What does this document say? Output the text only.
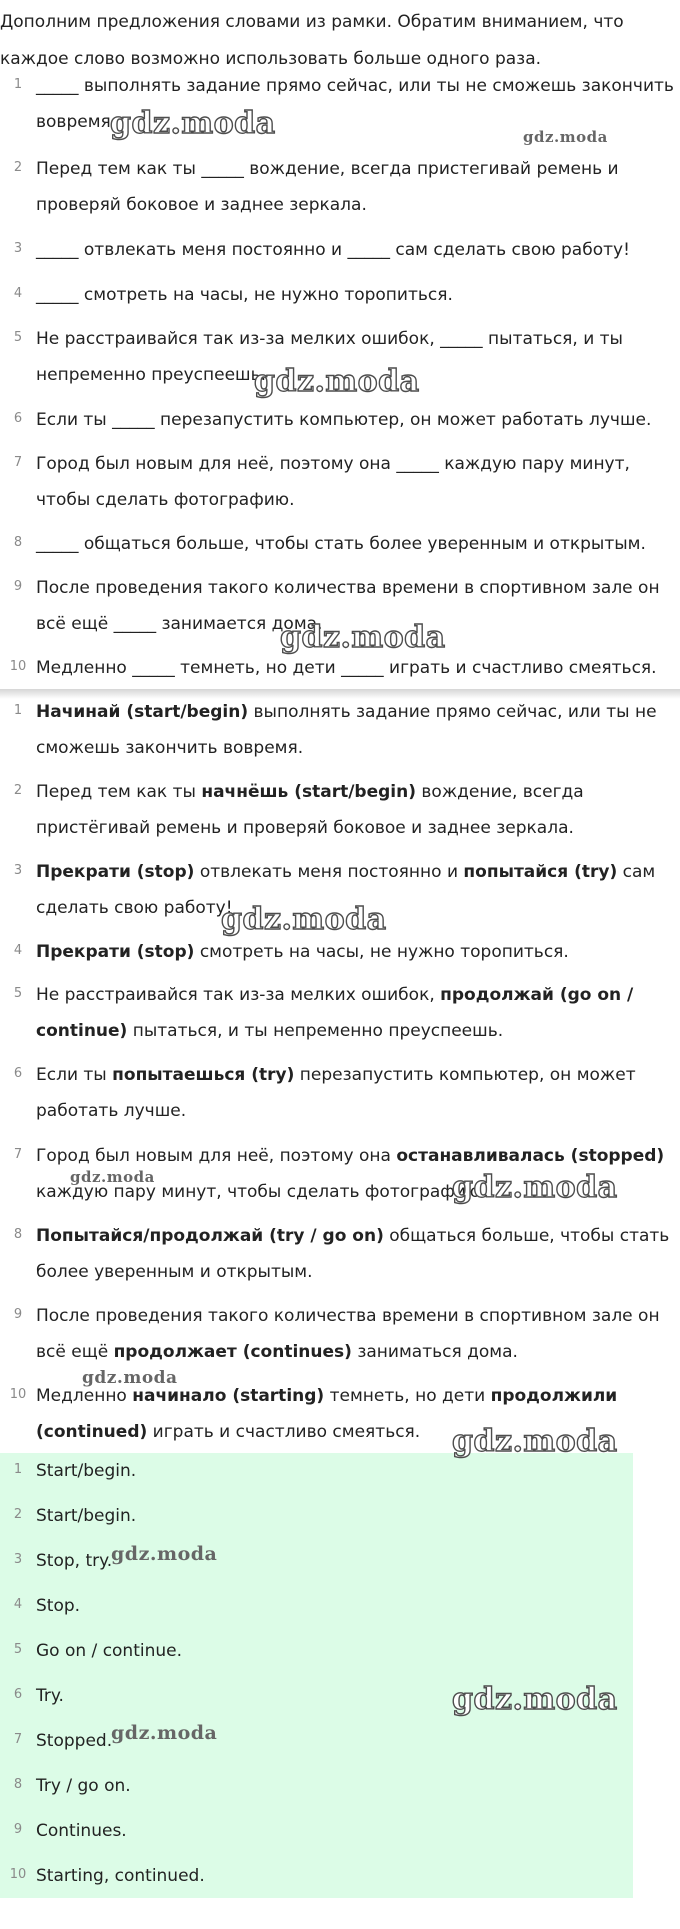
Дополним предложения словами из рамки. Обратим вниманием, что каждое слово возможно использовать больше одного раза.

1 _____ выполнять задание прямо сейчас, или ты не сможешь закончить вовремя.
2 Перед тем как ты _____ вождение, всегда пристегивай ремень и проверяй боковое и заднее зеркала.
3 _____ отвлекать меня постоянно и _____ сам сделать свою работу!
4 _____ смотреть на часы, не нужно торопиться.
5 Не расстраивайся так из-за мелких ошибок, _____ пытаться, и ты непременно преуспеешь.
6 Если ты _____ перезапустить компьютер, он может работать лучше.
7 Город был новым для неё, поэтому она _____ каждую пару минут, чтобы сделать фотографию.
8 _____ общаться больше, чтобы стать более уверенным и открытым.
9 После проведения такого количества времени в спортивном зале он всё ещё _____ занимается дома.
10 Медленно _____ темнеть, но дети _____ играть и счастливо смеяться.
1 Начинай (start/begin) выполнять задание прямо сейчас, или ты не сможешь закончить вовремя.
2 Перед тем как ты начнёшь (start/begin) вождение, всегда пристёгивай ремень и проверяй боковое и заднее зеркала.
3 Прекрати (stop) отвлекать меня постоянно и попытайся (try) сам сделать свою работу!
4 Прекрати (stop) смотреть на часы, не нужно торопиться.
5 Не расстраивайся так из-за мелких ошибок, продолжай (go on / continue) пытаться, и ты непременно преуспеешь.
6 Если ты попытаешься (try) перезапустить компьютер, он может работать лучше.
7 Город был новым для неё, поэтому она останавливалась (stopped) каждую пару минут, чтобы сделать фотографию.
8 Попытайся/продолжай (try / go on) общаться больше, чтобы стать более уверенным и открытым.
9 После проведения такого количества времени в спортивном зале он всё ещё продолжает (continues) заниматься дома.
10 Медленно начинало (starting) темнеть, но дети продолжили (continued) играть и счастливо смеяться.
1 Start/begin.
2 Start/begin.
3 Stop, try.
4 Stop.
5 Go on / continue.
6 Try.
7 Stopped.
8 Try / go on.
9 Continues.
10 Starting, continued.
gdz.moda	gdz.moda
gdz.moda
gdz.moda
gdz.moda
gdz.moda	gdz.moda
gdz.moda
gdz.moda
gdz.moda
gdz.moda
gdz.moda
